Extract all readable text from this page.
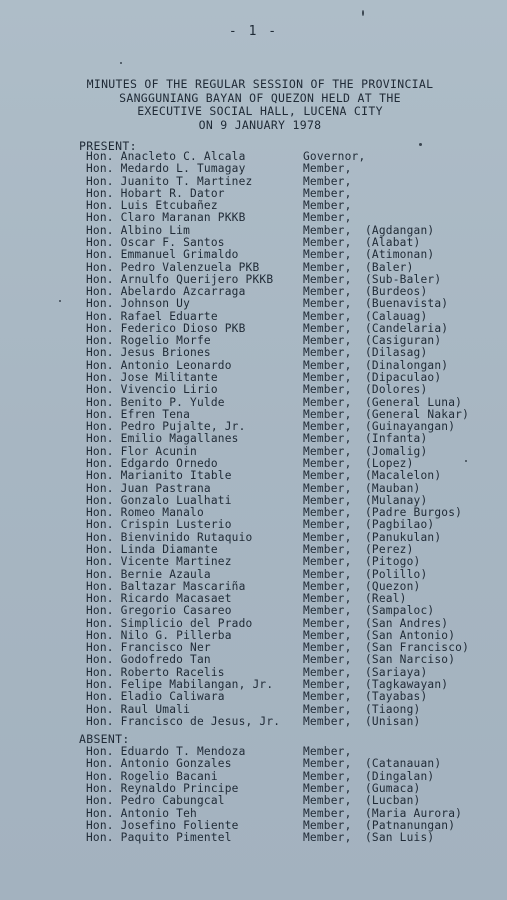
- 1 -
MINUTES OF THE REGULAR SESSION OF THE PROVINCIAL
SANGGUNIANG BAYAN OF QUEZON HELD AT THE
EXECUTIVE SOCIAL HALL, LUCENA CITY
ON 9 JANUARY 1978
PRESENT:
Hon. Anacleto C. Alcala	Governor,
Hon. Medardo L. Tumagay	Member,
Hon. Juanito T. Martinez	Member,
Hon. Hobart R. Dator	Member,
Hon. Luis Etcubañez	Member,
Hon. Claro Maranan PKKB	Member,
Hon. Albino Lim	Member, (Agdangan)
Hon. Oscar F. Santos	Member, (Alabat)
Hon. Emmanuel Grimaldo	Member, (Atimonan)
Hon. Pedro Valenzuela PKB	Member, (Baler)
Hon. Arnulfo Querijero PKKB	Member, (Sub-Baler)
Hon. Abelardo Azcarraga	Member, (Burdeos)
Hon. Johnson Uy	Member, (Buenavista)
Hon. Rafael Eduarte	Member, (Calauag)
Hon. Federico Dioso PKB	Member, (Candelaria)
Hon. Rogelio Morfe	Member, (Casiguran)
Hon. Jesus Briones	Member, (Dilasag)
Hon. Antonio Leonardo	Member, (Dinalongan)
Hon. Jose Militante	Member, (Dipaculao)
Hon. Vivencio Lirio	Member, (Dolores)
Hon. Benito P. Yulde	Member, (General Luna)
Hon. Efren Tena	Member, (General Nakar)
Hon. Pedro Pujalte, Jr.	Member, (Guinayangan)
Hon. Emilio Magallanes	Member, (Infanta)
Hon. Flor Acunin	Member, (Jomalig)
Hon. Edgardo Ornedo	Member, (Lopez)
Hon. Marianito Itable	Member, (Macalelon)
Hon. Juan Pastrana	Member, (Mauban)
Hon. Gonzalo Lualhati	Member, (Mulanay)
Hon. Romeo Manalo	Member, (Padre Burgos)
Hon. Crispin Lusterio	Member, (Pagbilao)
Hon. Bienvinido Rutaquio	Member, (Panukulan)
Hon. Linda Diamante	Member, (Perez)
Hon. Vicente Martinez	Member, (Pitogo)
Hon. Bernie Azaula	Member, (Polillo)
Hon. Baltazar Mascariña	Member, (Quezon)
Hon. Ricardo Macasaet	Member, (Real)
Hon. Gregorio Casareo	Member, (Sampaloc)
Hon. Simplicio del Prado	Member, (San Andres)
Hon. Nilo G. Pillerba	Member, (San Antonio)
Hon. Francisco Ner	Member, (San Francisco)
Hon. Godofredo Tan	Member, (San Narciso)
Hon. Roberto Racelis	Member, (Sariaya)
Hon. Felipe Mabilangan, Jr.	Member, (Tagkawayan)
Hon. Eladio Caliwara	Member, (Tayabas)
Hon. Raul Umali	Member, (Tiaong)
Hon. Francisco de Jesus, Jr. Member, (Unisan)
ABSENT:
Hon. Eduardo T. Mendoza	Member,
Hon. Antonio Gonzales	Member, (Catanauan)
Hon. Rogelio Bacani	Member, (Dingalan)
Hon. Reynaldo Principe	Member, (Gumaca)
Hon. Pedro Cabungcal	Member, (Lucban)
Hon. Antonio Teh	Member, (Maria Aurora)
Hon. Josefino Foliente	Member, (Patnanungan)
Hon. Paquito Pimentel	Member, (San Luis)
